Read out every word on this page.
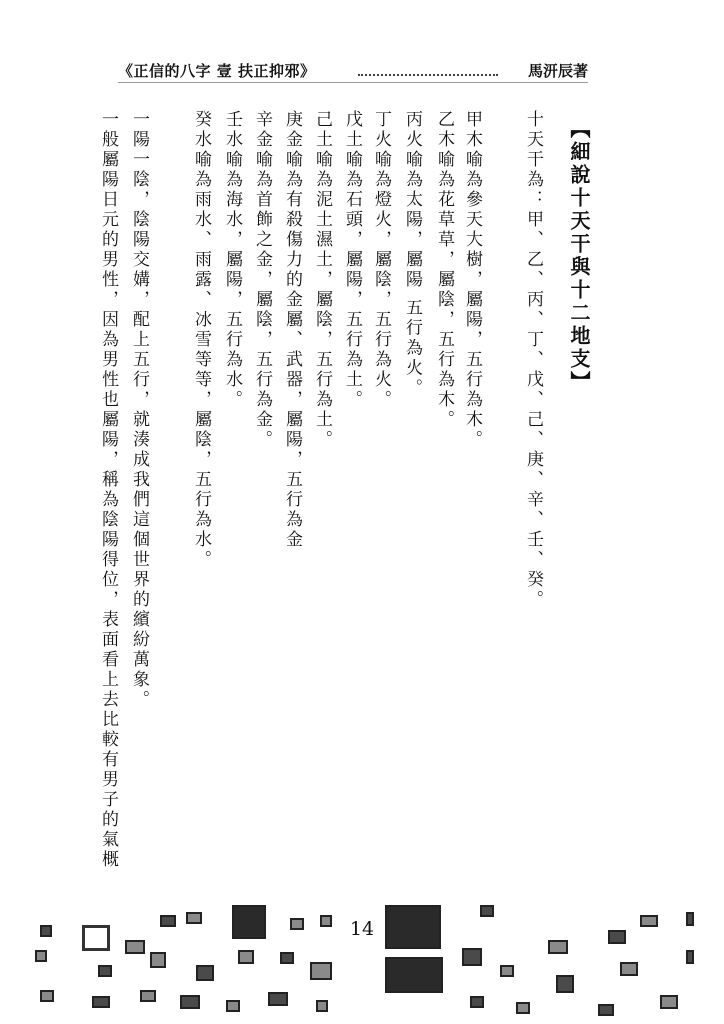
《正信的八字 壹 扶正抑邪》	馬汧辰著
【細說十天干與十二地支】
十天干為：甲、乙、丙、丁、戊、己、庚、辛、壬、癸。
甲木喻為參天大樹，屬陽，五行為木。
乙木喻為花草草，屬陰，五行為木。
丙火喻為太陽，屬陽 五行為火。
丁火喻為燈火，屬陰，五行為火。
戊土喻為石頭，屬陽，五行為土。
己土喻為泥土濕土，屬陰，五行為土。
庚金喻為有殺傷力的金屬、武器，屬陽，五行為金
辛金喻為首飾之金，屬陰，五行為金。
壬水喻為海水，屬陽，五行為水。
癸水喻為雨水、雨露、冰雪等等，屬陰，五行為水。
一陽一陰，陰陽交媾，配上五行，就湊成我們這個世界的繽紛萬象。
一般屬陽日元的男性，因為男性也屬陽，稱為陰陽得位，表面看上去比較有男子的氣概
14
